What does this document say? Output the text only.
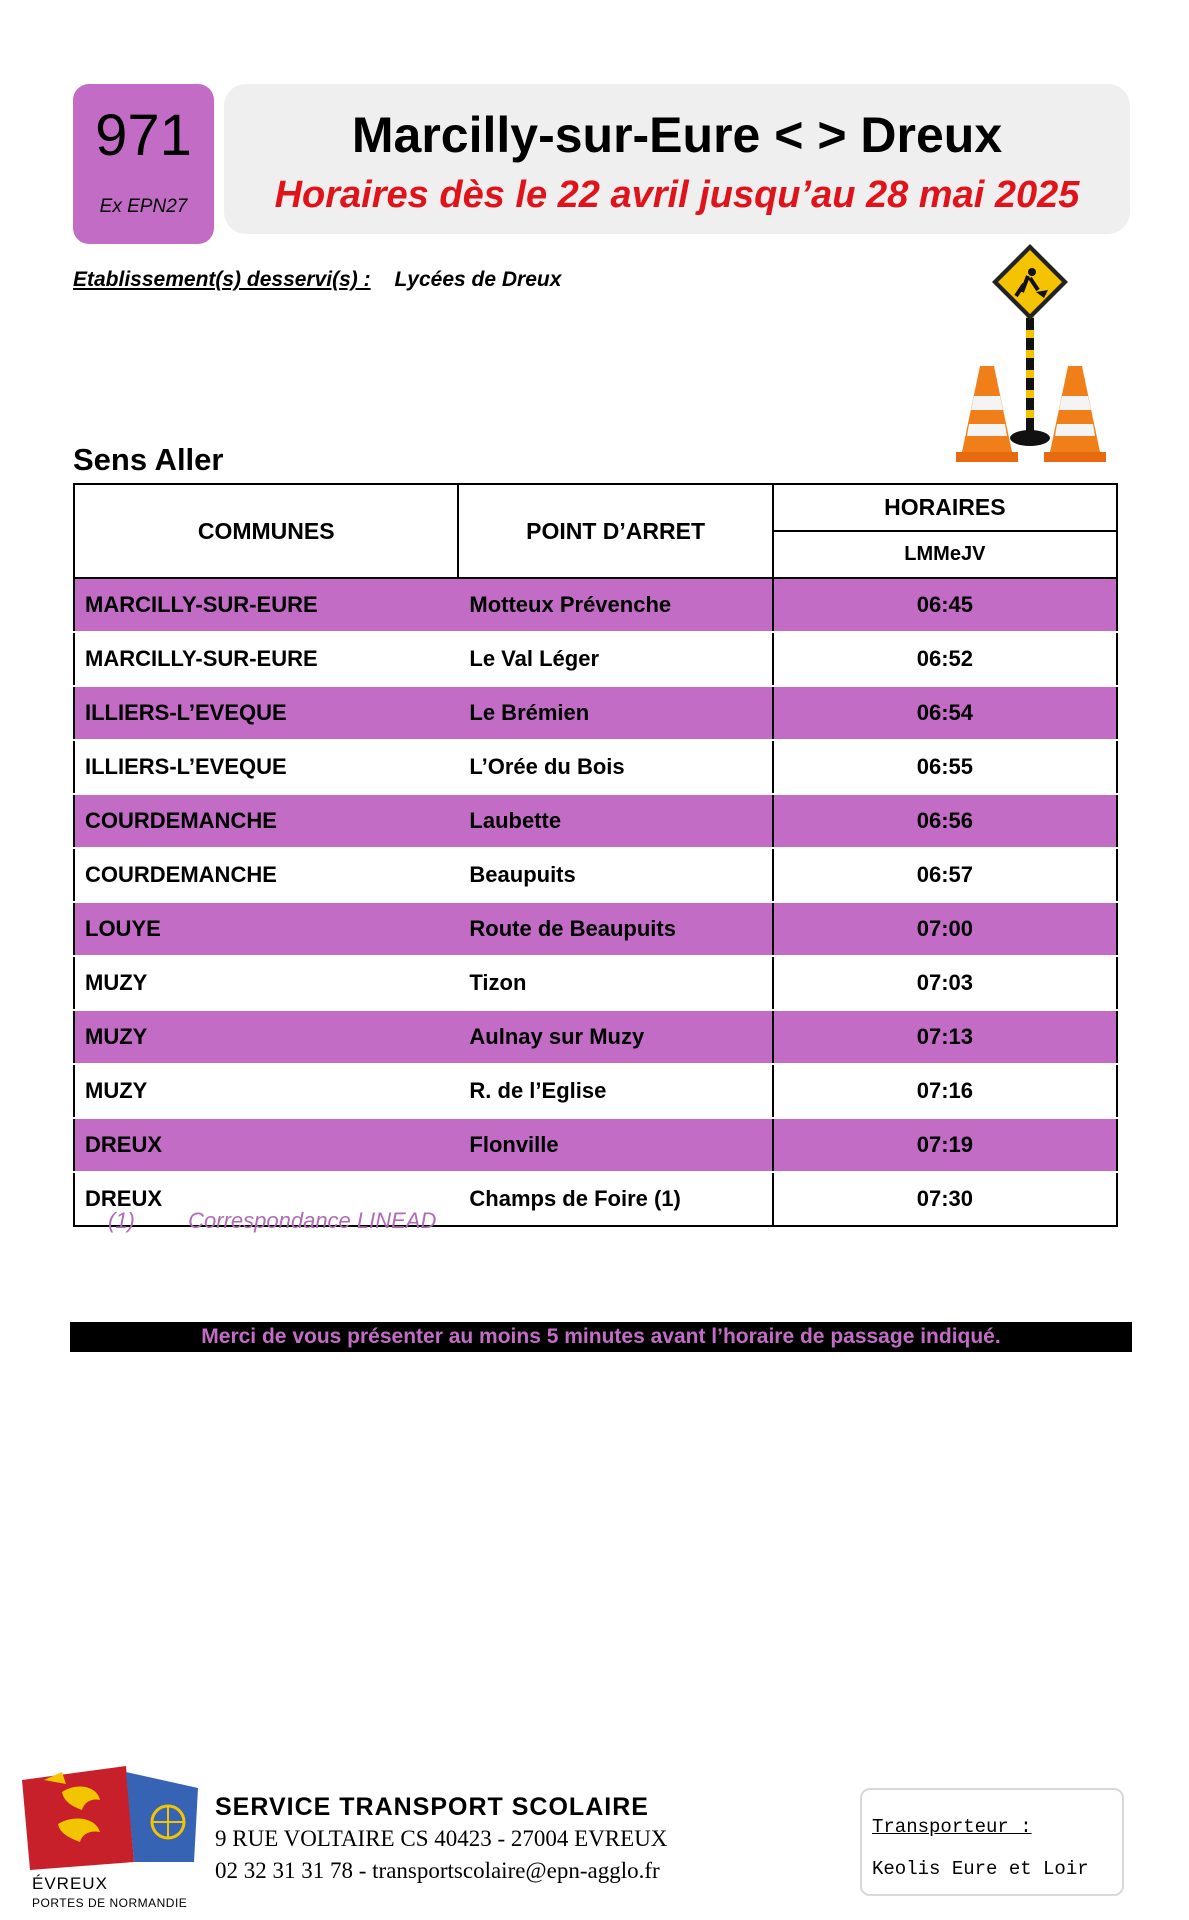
971
Ex EPN27
Marcilly-sur-Eure < > Dreux
Horaires dès le 22 avril jusqu’au 28 mai 2025
Etablissement(s) desservi(s) : Lycées de Dreux
Sens Aller
COMMUNES	POINT D’ARRET	HORAIRES
		LMMeJV
MARCILLY-SUR-EURE	Motteux Prévenche	06:45
MARCILLY-SUR-EURE	Le Val Léger	06:52
ILLIERS-L’EVEQUE	Le Brémien	06:54
ILLIERS-L’EVEQUE	L’Orée du Bois	06:55
COURDEMANCHE	Laubette	06:56
COURDEMANCHE	Beaupuits	06:57
LOUYE	Route de Beaupuits	07:00
MUZY	Tizon	07:03
MUZY	Aulnay sur Muzy	07:13
MUZY	R. de l’Eglise	07:16
DREUX	Flonville	07:19
DREUX	Champs de Foire (1)	07:30
(1) Correspondance LINEAD
Merci de vous présenter au moins 5 minutes avant l’horaire de passage indiqué.
ÉVREUX
PORTES DE NORMANDIE
SERVICE TRANSPORT SCOLAIRE
9 RUE VOLTAIRE CS 40423 - 27004 EVREUX
02 32 31 31 78 - transportscolaire@epn-agglo.fr
Transporteur :
Keolis Eure et Loir
